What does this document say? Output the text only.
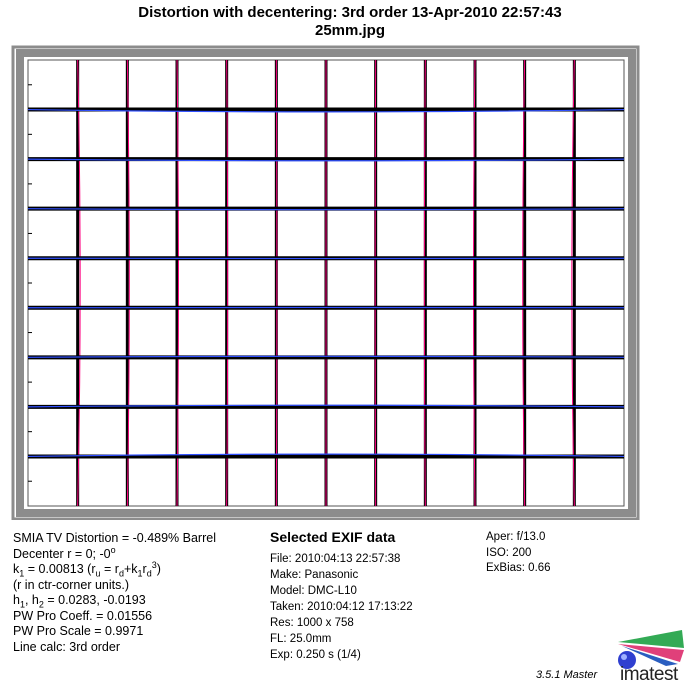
Distortion with decentering: 3rd order 13-Apr-2010 22:57:43
25mm.jpg
SMIA TV Distortion = -0.489% Barrel
Decenter r = 0; -0$^o$
$k_1 = 0.00813$ $(r_u = r_d+k_1r_d^3)$
(r in ctr-corner units.)
$h_1$, $h_2 = 0.0283$, -0.0193
PW Pro Coeff. = 0.01556
PW Pro Scale = 0.9971
Line calc: 3rd order
Selected EXIF data
File: 2010:04:13 22:57:38
Make: Panasonic
Model: DMC-L10
Taken: 2010:04:12 17:13:22
Res: 1000 x 758
FL: 25.0mm
Exp: 0.250 s (1/4)
Aper: f/13.0
ISO: 200
ExBias: 0.66
3.5.1 Master imatest
